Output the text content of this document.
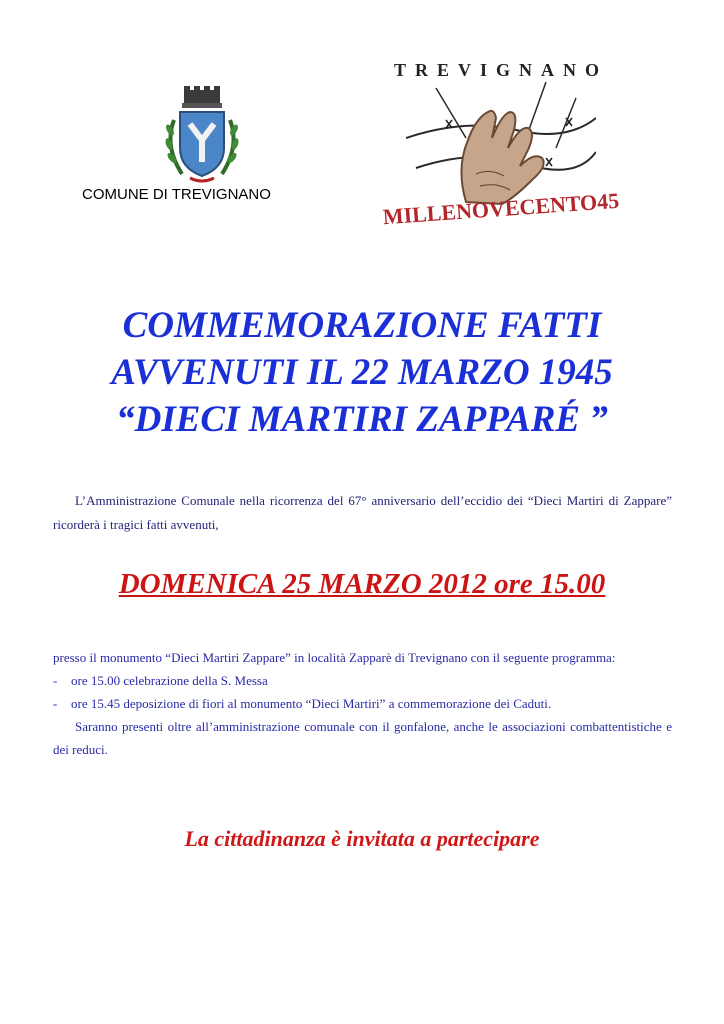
COMUNE DI TREVIGNANO
TREVIGNANO
MILLENOVECENTO45
COMMEMORAZIONE FATTI
AVVENUTI IL 22 MARZO 1945
“DIECI MARTIRI ZAPPARÉ ”
L’Amministrazione Comunale nella ricorrenza del 67° anniversario dell’eccidio dei “Dieci Martiri di Zappare” ricorderà i tragici fatti avvenuti,
DOMENICA 25 MARZO 2012 ore 15.00

presso il monumento “Dieci Martiri Zappare” in località Zapparè di Trevignano con il seguente programma:

-	ore 15.00 celebrazione della S. Messa

-	ore 15.45 deposizione di fiori al monumento “Dieci Martiri” a commemorazione dei Caduti.

Saranno presenti oltre all’amministrazione comunale con il gonfalone, anche le associazioni combattentistiche e dei reduci.

La cittadinanza è invitata a partecipare
